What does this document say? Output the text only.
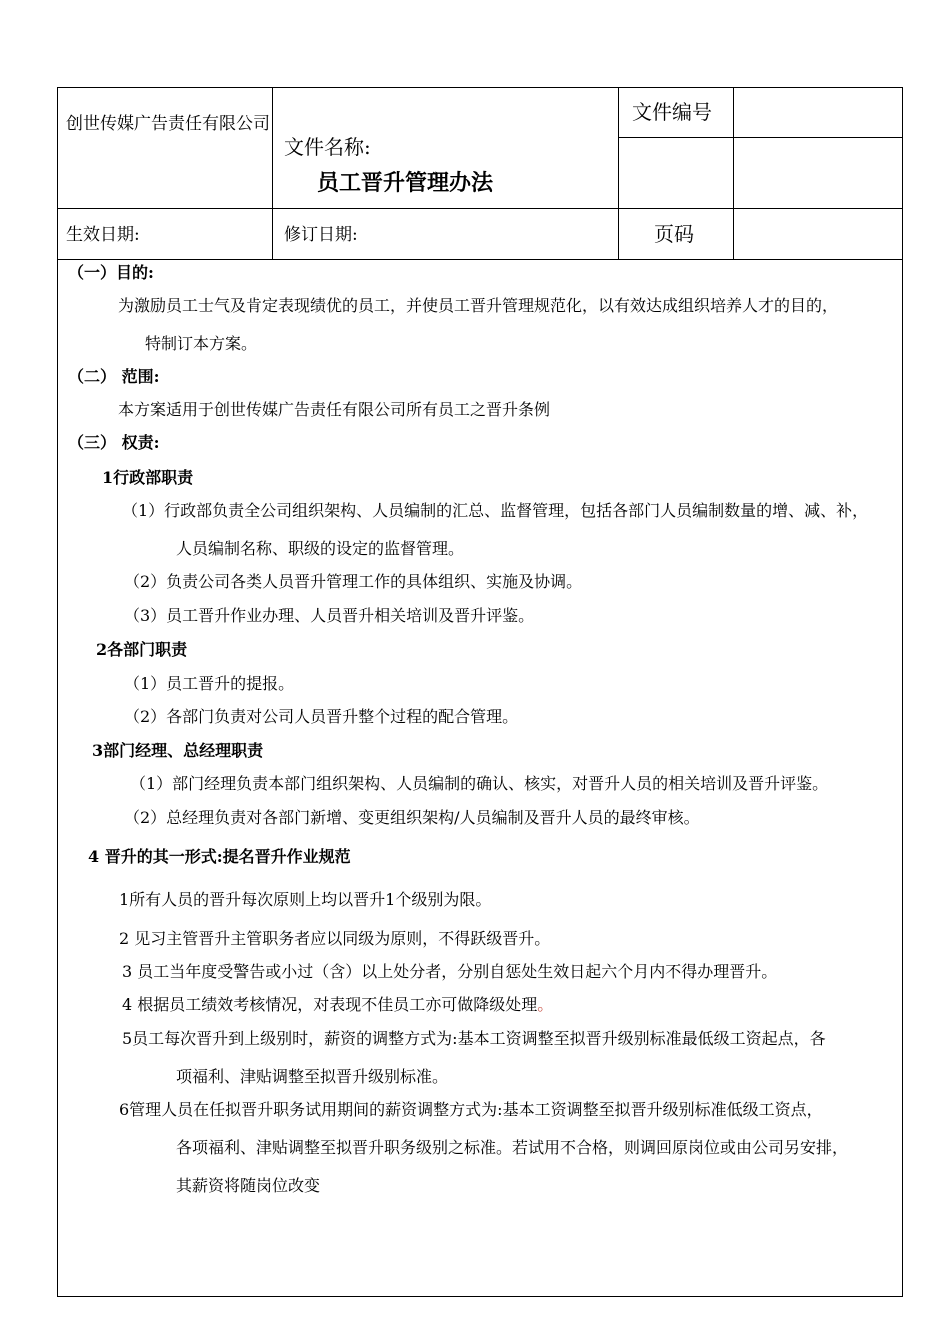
创世传媒广告责任有限公司
文件名称:
员工晋升管理办法
文件编号
生效日期:	修订日期:	页码
（一）目的:
为激励员工士气及肯定表现绩优的员工，并使员工晋升管理规范化，以有效达成组织培养人才的目的，
特制订本方案。
（二） 范围:
本方案适用于创世传媒广告责任有限公司所有员工之晋升条例
（三） 权责:
1行政部职责
（1）行政部负责全公司组织架构、人员编制的汇总、监督管理，包括各部门人员编制数量的增、减、补，
人员编制名称、职级的设定的监督管理。
（2）负责公司各类人员晋升管理工作的具体组织、实施及协调。
（3）员工晋升作业办理、人员晋升相关培训及晋升评鉴。
2各部门职责
（1）员工晋升的提报。
（2）各部门负责对公司人员晋升整个过程的配合管理。
3部门经理、总经理职责
（1）部门经理负责本部门组织架构、人员编制的确认、核实，对晋升人员的相关培训及晋升评鉴。
（2）总经理负责对各部门新增、变更组织架构/人员编制及晋升人员的最终审核。
4 晋升的其一形式:提名晋升作业规范
1所有人员的晋升每次原则上均以晋升1个级别为限。
2 见习主管晋升主管职务者应以同级为原则，不得跃级晋升。
3 员工当年度受警告或小过（含）以上处分者，分别自惩处生效日起六个月内不得办理晋升。
4 根据员工绩效考核情况，对表现不佳员工亦可做降级处理。
5员工每次晋升到上级别时，薪资的调整方式为:基本工资调整至拟晋升级别标准最低级工资起点，各
项福利、津贴调整至拟晋升级别标准。
6管理人员在任拟晋升职务试用期间的薪资调整方式为:基本工资调整至拟晋升级别标准低级工资点，
各项福利、津贴调整至拟晋升职务级别之标准。若试用不合格，则调回原岗位或由公司另安排，
其薪资将随岗位改变
